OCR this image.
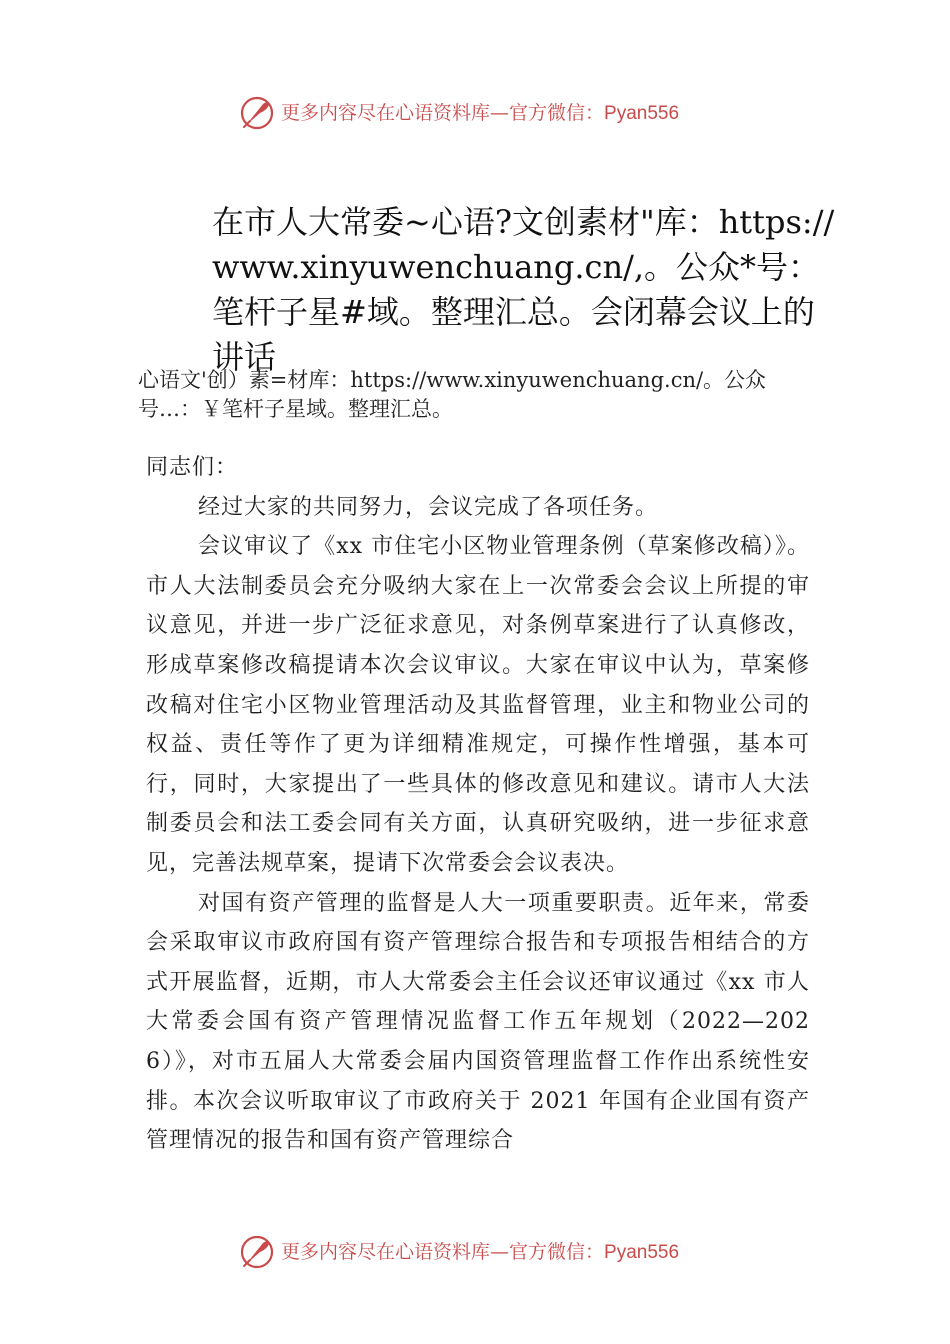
更多内容尽在心语资料库—官方微信：Pyan556
在市人大常委~心语?文创素材"库：https://www.xinyuwenchuang.cn/,。公众*号：笔杆子星#域。整理汇总。会闭幕会议上的讲话
心语文'创）素=材库：https://www.xinyuwenchuang.cn/。公众号…：￥笔杆子星域。整理汇总。

同志们：

经过大家的共同努力，会议完成了各项任务。

会议审议了《xx 市住宅小区物业管理条例（草案修改稿）》。市人大法制委员会充分吸纳大家在上一次常委会会议上所提的审议意见，并进一步广泛征求意见，对条例草案进行了认真修改，形成草案修改稿提请本次会议审议。大家在审议中认为，草案修改稿对住宅小区物业管理活动及其监督管理，业主和物业公司的权益、责任等作了更为详细精准规定，可操作性增强，基本可行，同时，大家提出了一些具体的修改意见和建议。请市人大法制委员会和法工委会同有关方面，认真研究吸纳，进一步征求意见，完善法规草案，提请下次常委会会议表决。

对国有资产管理的监督是人大一项重要职责。近年来，常委会采取审议市政府国有资产管理综合报告和专项报告相结合的方式开展监督，近期，市人大常委会主任会议还审议通过《xx 市人大常委会国有资产管理情况监督工作五年规划（2022—2026）》，对市五届人大常委会届内国资管理监督工作作出系统性安排。本次会议听取审议了市政府关于 2021 年国有企业国有资产管理情况的报告和国有资产管理综合

更多内容尽在心语资料库—官方微信：Pyan556
